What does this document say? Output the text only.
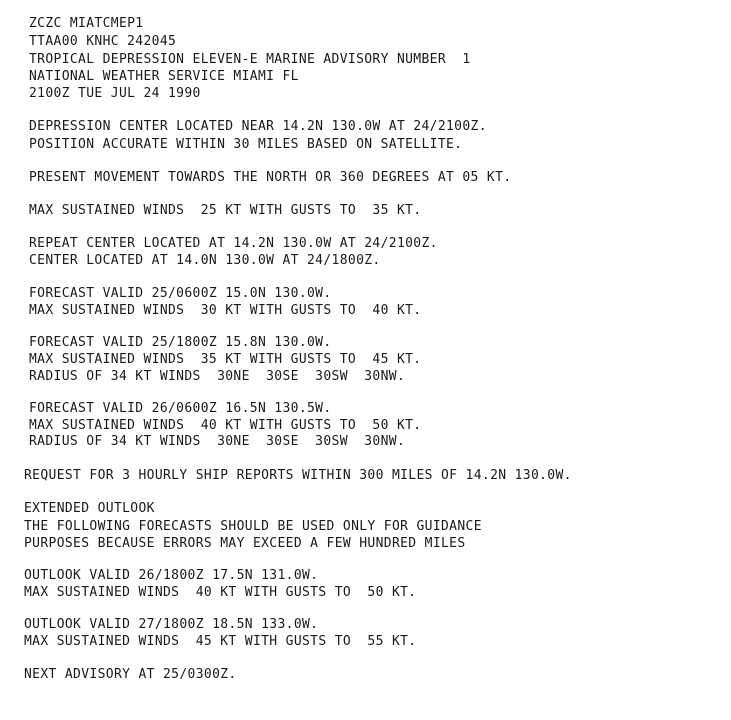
ZCZC MIATCMEP1
TTAA00 KNHC 242045
TROPICAL DEPRESSION ELEVEN-E MARINE ADVISORY NUMBER  1
NATIONAL WEATHER SERVICE MIAMI FL
2100Z TUE JUL 24 1990
DEPRESSION CENTER LOCATED NEAR 14.2N 130.0W AT 24/2100Z.
POSITION ACCURATE WITHIN 30 MILES BASED ON SATELLITE.
PRESENT MOVEMENT TOWARDS THE NORTH OR 360 DEGREES AT 05 KT.
MAX SUSTAINED WINDS  25 KT WITH GUSTS TO  35 KT.
REPEAT CENTER LOCATED AT 14.2N 130.0W AT 24/2100Z.
CENTER LOCATED AT 14.0N 130.0W AT 24/1800Z.
FORECAST VALID 25/0600Z 15.0N 130.0W.
MAX SUSTAINED WINDS  30 KT WITH GUSTS TO  40 KT.
FORECAST VALID 25/1800Z 15.8N 130.0W.
MAX SUSTAINED WINDS  35 KT WITH GUSTS TO  45 KT.
RADIUS OF 34 KT WINDS  30NE  30SE  30SW  30NW.
FORECAST VALID 26/0600Z 16.5N 130.5W.
MAX SUSTAINED WINDS  40 KT WITH GUSTS TO  50 KT.
RADIUS OF 34 KT WINDS  30NE  30SE  30SW  30NW.
REQUEST FOR 3 HOURLY SHIP REPORTS WITHIN 300 MILES OF 14.2N 130.0W.
EXTENDED OUTLOOK
THE FOLLOWING FORECASTS SHOULD BE USED ONLY FOR GUIDANCE
PURPOSES BECAUSE ERRORS MAY EXCEED A FEW HUNDRED MILES
OUTLOOK VALID 26/1800Z 17.5N 131.0W.
MAX SUSTAINED WINDS  40 KT WITH GUSTS TO  50 KT.
OUTLOOK VALID 27/1800Z 18.5N 133.0W.
MAX SUSTAINED WINDS  45 KT WITH GUSTS TO  55 KT.
NEXT ADVISORY AT 25/0300Z.
